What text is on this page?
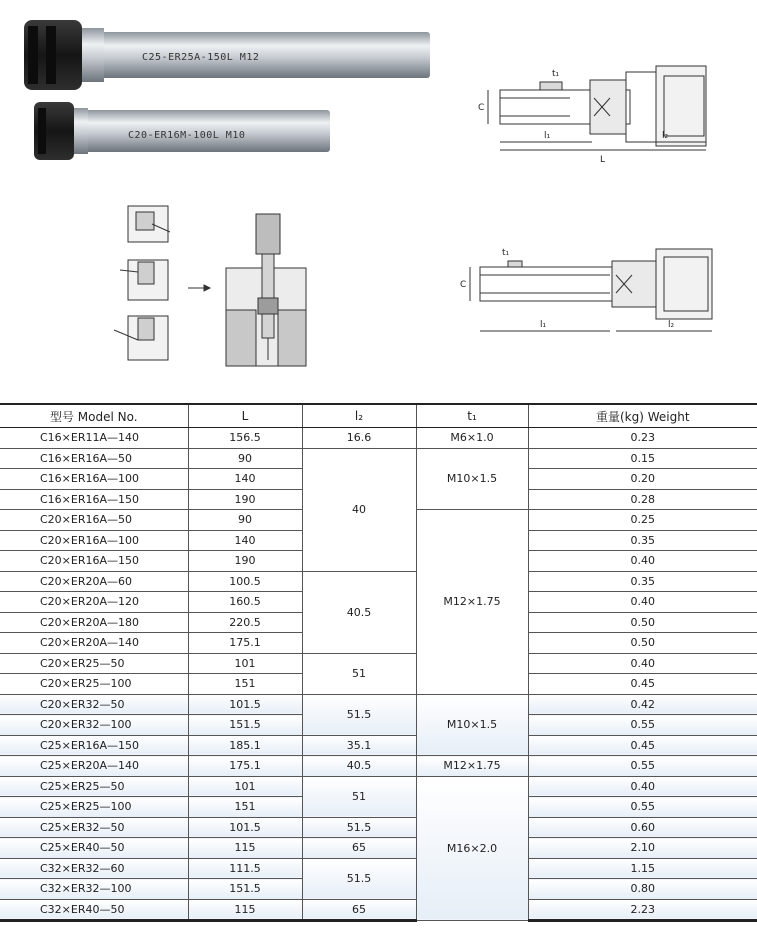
C25-ER25A-150L M12
C20-ER16M-100L M10
t₁
C
l₁	l₂
L
t₁
C
l₁	l₂
型号 Model No.	L	l₂	t₁	重量(kg) Weight
C16×ER11A—140	156.5	16.6	M6×1.0	0.23
C16×ER16A—50	90	40	M10×1.5	0.15
C16×ER16A—100	140			0.20
C16×ER16A—150	190			0.28
C20×ER16A—50	90		M12×1.75	0.25
C20×ER16A—100	140			0.35
C20×ER16A—150	190			0.40
C20×ER20A—60	100.5	40.5		0.35
C20×ER20A—120	160.5			0.40
C20×ER20A—180	220.5			0.50
C20×ER20A—140	175.1			0.50
C20×ER25—50	101	51		0.40
C20×ER25—100	151			0.45
C20×ER32—50	101.5	51.5	M10×1.5	0.42
C20×ER32—100	151.5			0.55
C25×ER16A—150	185.1	35.1		0.45
C25×ER20A—140	175.1	40.5	M12×1.75	0.55
C25×ER25—50	101	51	M16×2.0	0.40
C25×ER25—100	151			0.55
C25×ER32—50	101.5	51.5		0.60
C25×ER40—50	115	65		2.10
C32×ER32—60	111.5	51.5		1.15
C32×ER32—100	151.5			0.80
C32×ER40—50	115	65		2.23
